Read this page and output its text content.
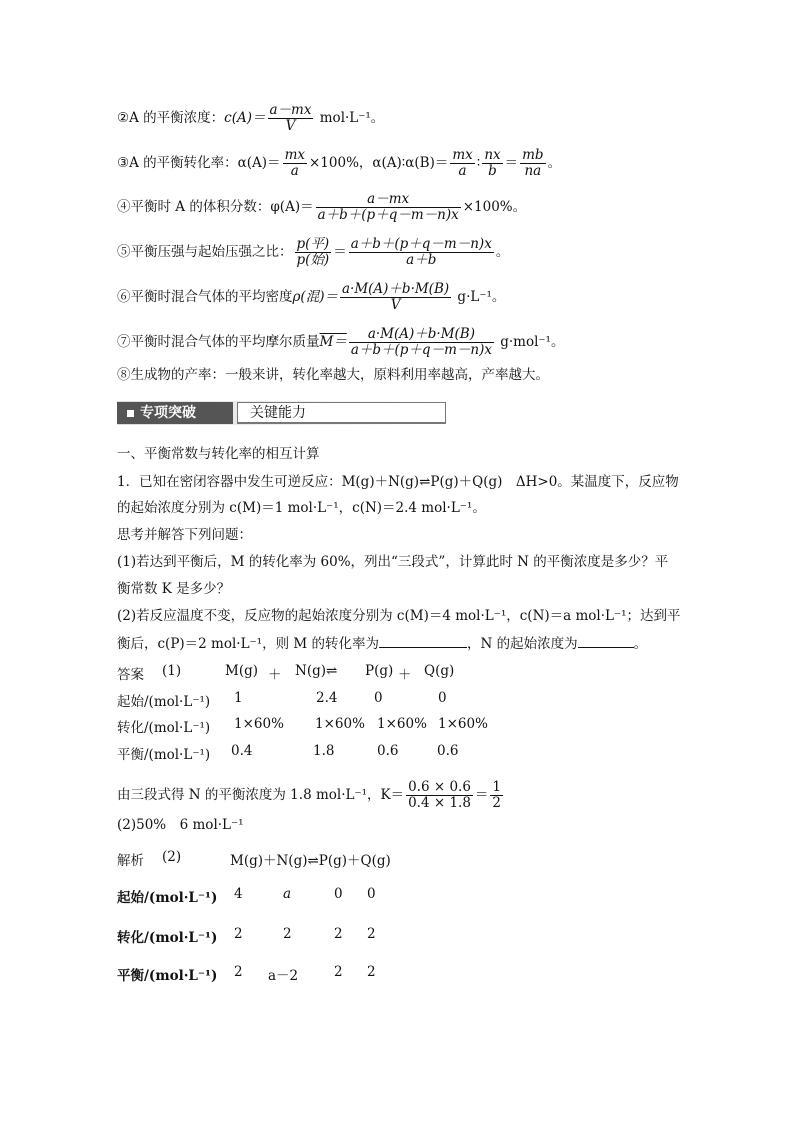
②A 的平衡浓度：$c(A)= \frac{a-mx}{V} mol\cdot L^{-1}$。
③A 的平衡转化率：$\alpha(A)= \frac{mx}{a} \times 100\%$，α(A)∶α(B)＝ $\frac{mx}{a}$ ∶ $\frac{nx}{b} = \frac{mb}{na}$ 。
④平衡时 A 的体积分数：$\varphi(A)= \frac{a-mx}{a+b+(p+q-m-n)x} \times 100\%$。
⑤平衡压强与起始压强之比： $\frac{\text{p(平)}}{\text{p(始)}} = \frac{a+b+(p+q-m-n)x}{a+b}$ 。
⑥平衡时混合气体的平均密度ρ(混)＝ $\frac{a\cdot M(A)+b\cdot M(B)}{V} g\cdot L^{-1}$。
⑦平衡时混合气体的平均摩尔质量$M= \frac{a\cdot M(A)+b\cdot M(B)}{a+b+(p+q-m-n)x} g\cdot mol^{-1}$。
⑧生成物的产率：一般来讲，转化率越大，原料利用率越高，产率越大。
专项突破	关键能力
一、平衡常数与转化率的相互计算
1．已知在密闭容器中发生可逆反应：M(g)＋N(g)⇌P(g)＋Q(g)　ΔH>0。某温度下，反应物
的起始浓度分别为 c(M)＝1 mol·L⁻¹，c(N)＝2.4 mol·L⁻¹。
思考并解答下列问题：
(1)若达到平衡后，M 的转化率为 60%，列出“三段式”，计算此时 N 的平衡浓度是多少？平
衡常数 K 是多少？
(2)若反应温度不变，反应物的起始浓度分别为 c(M)＝4 mol·L⁻¹，c(N)＝a mol·L⁻¹；达到平
衡后，c(P)＝2 mol·L⁻¹，则 M 的转化率为	，N 的起始浓度为	。
答案 (1)	M(g) ＋ N(g)⇌ P(g) ＋ Q(g)
起始/(mol·L⁻¹) 1	2.4	0	0
转化/(mol·L⁻¹) 1×60% 1×60% 1×60% 1×60%
平衡/(mol·L⁻¹) 0.4	1.8	0.6	0.6
由三段式得 N 的平衡浓度为 1.8 mol·L⁻¹，$K= \frac{0.6 \times 0.6}{0.4 \times 1.8} = \frac{1}{2}$
(2)50%　6 mol·L⁻¹
解析 (2)	M(g)＋N(g)⇌P(g)＋Q(g)
起始/(mol·L⁻¹) 4	a	0 0
转化/(mol·L⁻¹) 2	2	2 2
平衡/(mol·L⁻¹) 2 a－2	2 2
